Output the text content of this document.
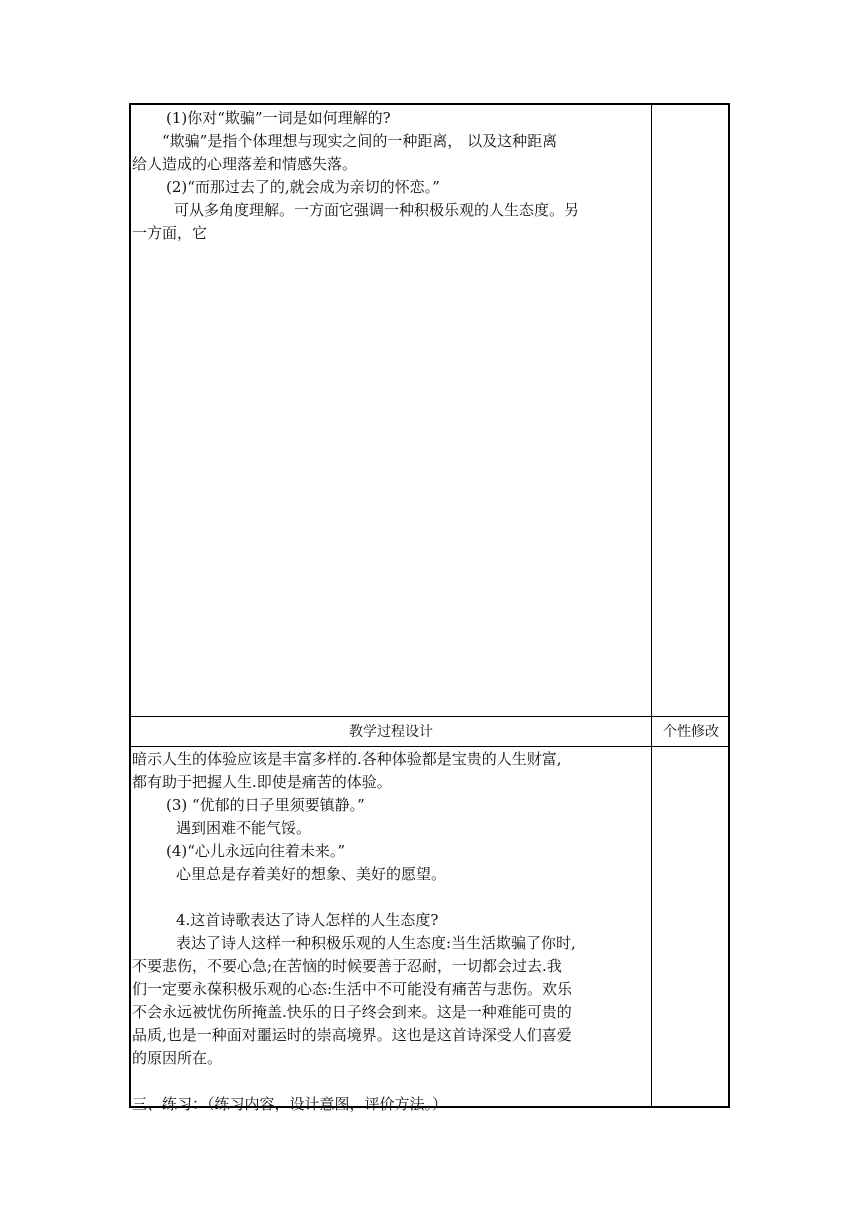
(1)你对“欺骗”一词是如何理解的?
“欺骗”是指个体理想与现实之间的一种距离， 以及这种距离
给人造成的心理落差和情感失落。
(2)“而那过去了的,就会成为亲切的怀恋。”
可从多角度理解。一方面它强调一种积极乐观的人生态度。另
一方面，它
教学过程设计	个性修改
暗示人生的体验应该是丰富多样的.各种体验都是宝贵的人生财富,
都有助于把握人生.即使是痛苦的体验。
(3) “优郁的日子里须要镇静。”
遇到困难不能气馁。
(4)“心儿永远向往着未来。”
心里总是存着美好的想象、美好的愿望。
4.这首诗歌表达了诗人怎样的人生态度?
表达了诗人这样一种积极乐观的人生态度:当生活欺骗了你时,
不要悲伤，不要心急;在苦恼的时候要善于忍耐，一切都会过去.我
们一定要永葆积极乐观的心态:生活中不可能没有痛苦与悲伤。欢乐
不会永远被忧伤所掩盖.快乐的日子终会到来。这是一种难能可贵的
品质,也是一种面对噩运时的崇高境界。这也是这首诗深受人们喜爱
的原因所在。
三、练习：（练习内容，设计意图，评价方法。）
